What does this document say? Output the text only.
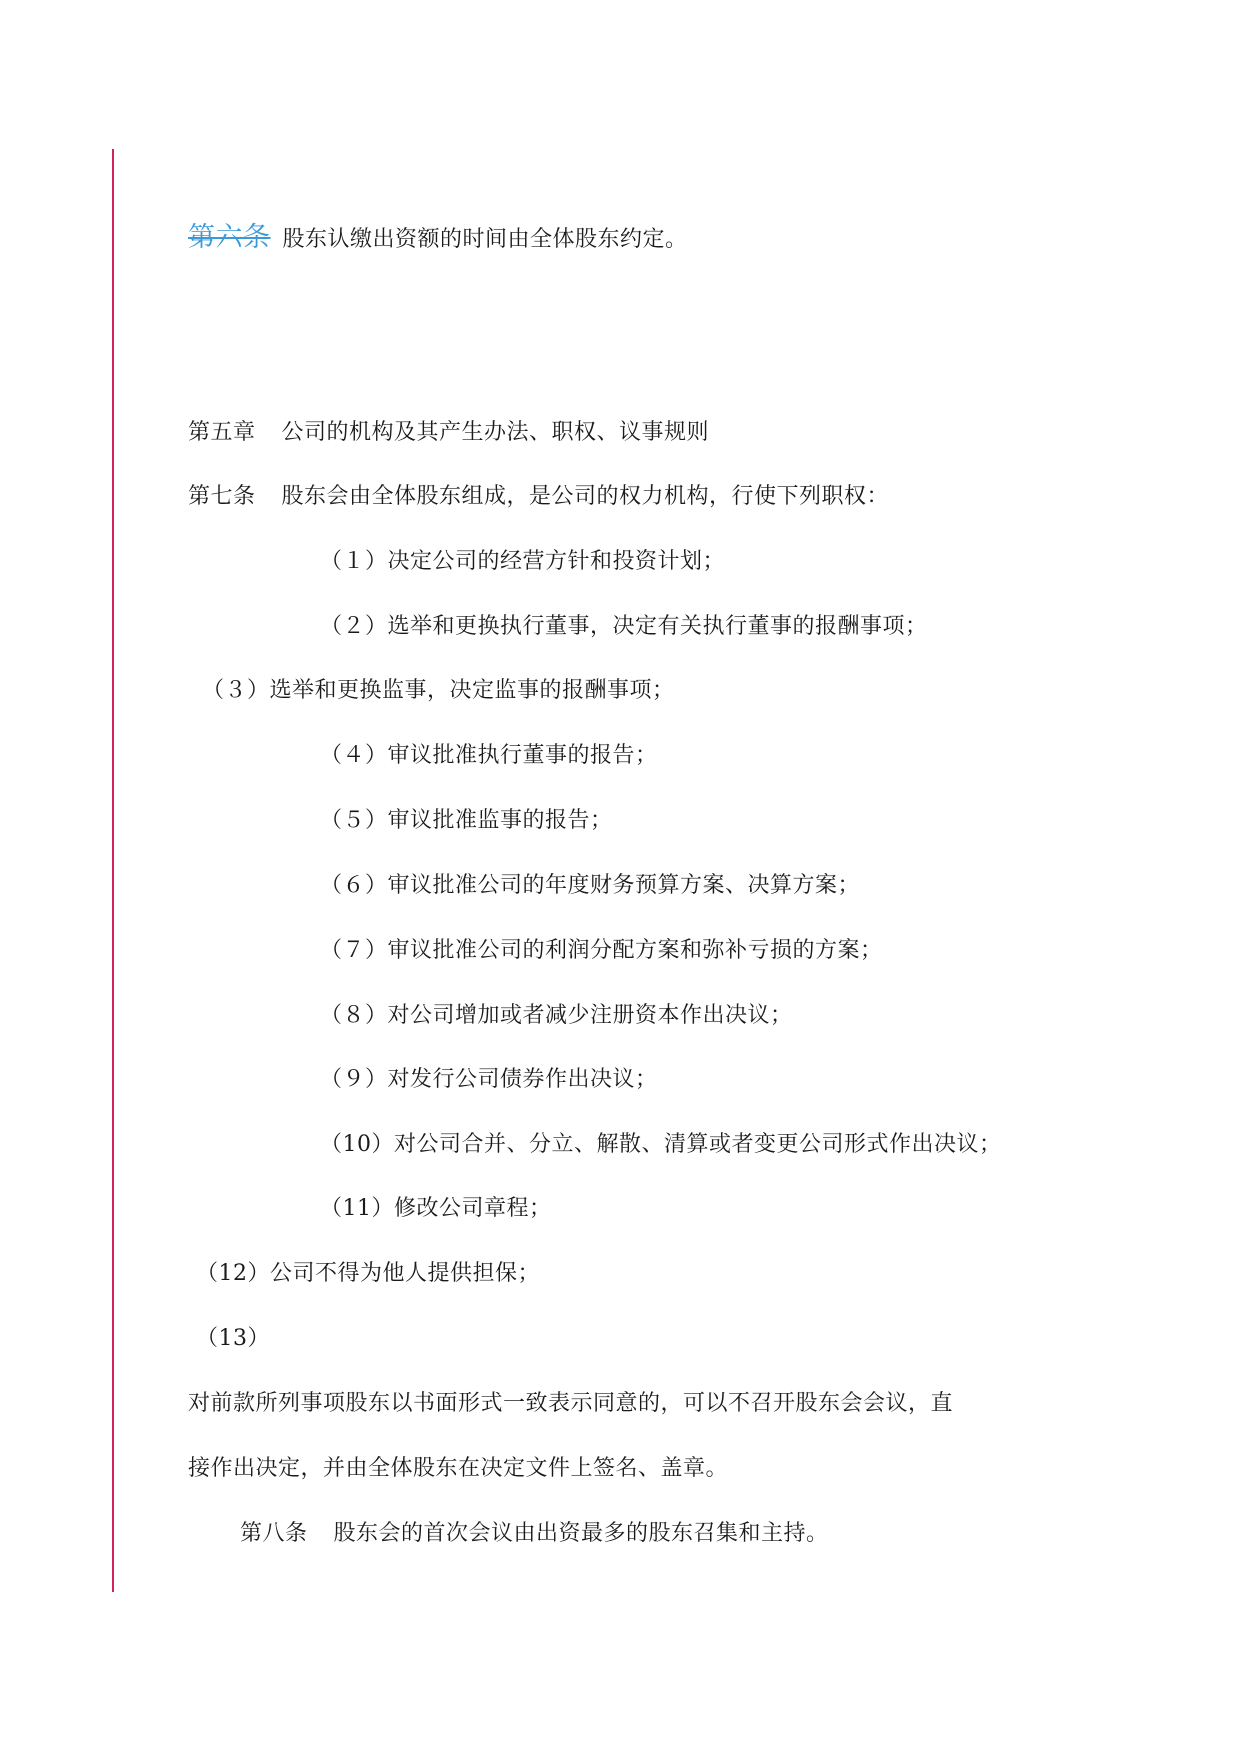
第六条 股东认缴出资额的时间由全体股东约定。
第五章 公司的机构及其产生办法、职权、议事规则
第七条 股东会由全体股东组成，是公司的权力机构，行使下列职权：
（１）决定公司的经营方针和投资计划；
（２）选举和更换执行董事，决定有关执行董事的报酬事项；
（３）选举和更换监事，决定监事的报酬事项；
（４）审议批准执行董事的报告；
（５）审议批准监事的报告；
（６）审议批准公司的年度财务预算方案、决算方案；
（７）审议批准公司的利润分配方案和弥补亏损的方案；
（８）对公司增加或者减少注册资本作出决议；
（９）对发行公司债券作出决议；
（10）对公司合并、分立、解散、清算或者变更公司形式作出决议；
（11）修改公司章程；
（12）公司不得为他人提供担保；
（13）
对前款所列事项股东以书面形式一致表示同意的，可以不召开股东会会议，直
接作出决定，并由全体股东在决定文件上签名、盖章。
第八条 股东会的首次会议由出资最多的股东召集和主持。
